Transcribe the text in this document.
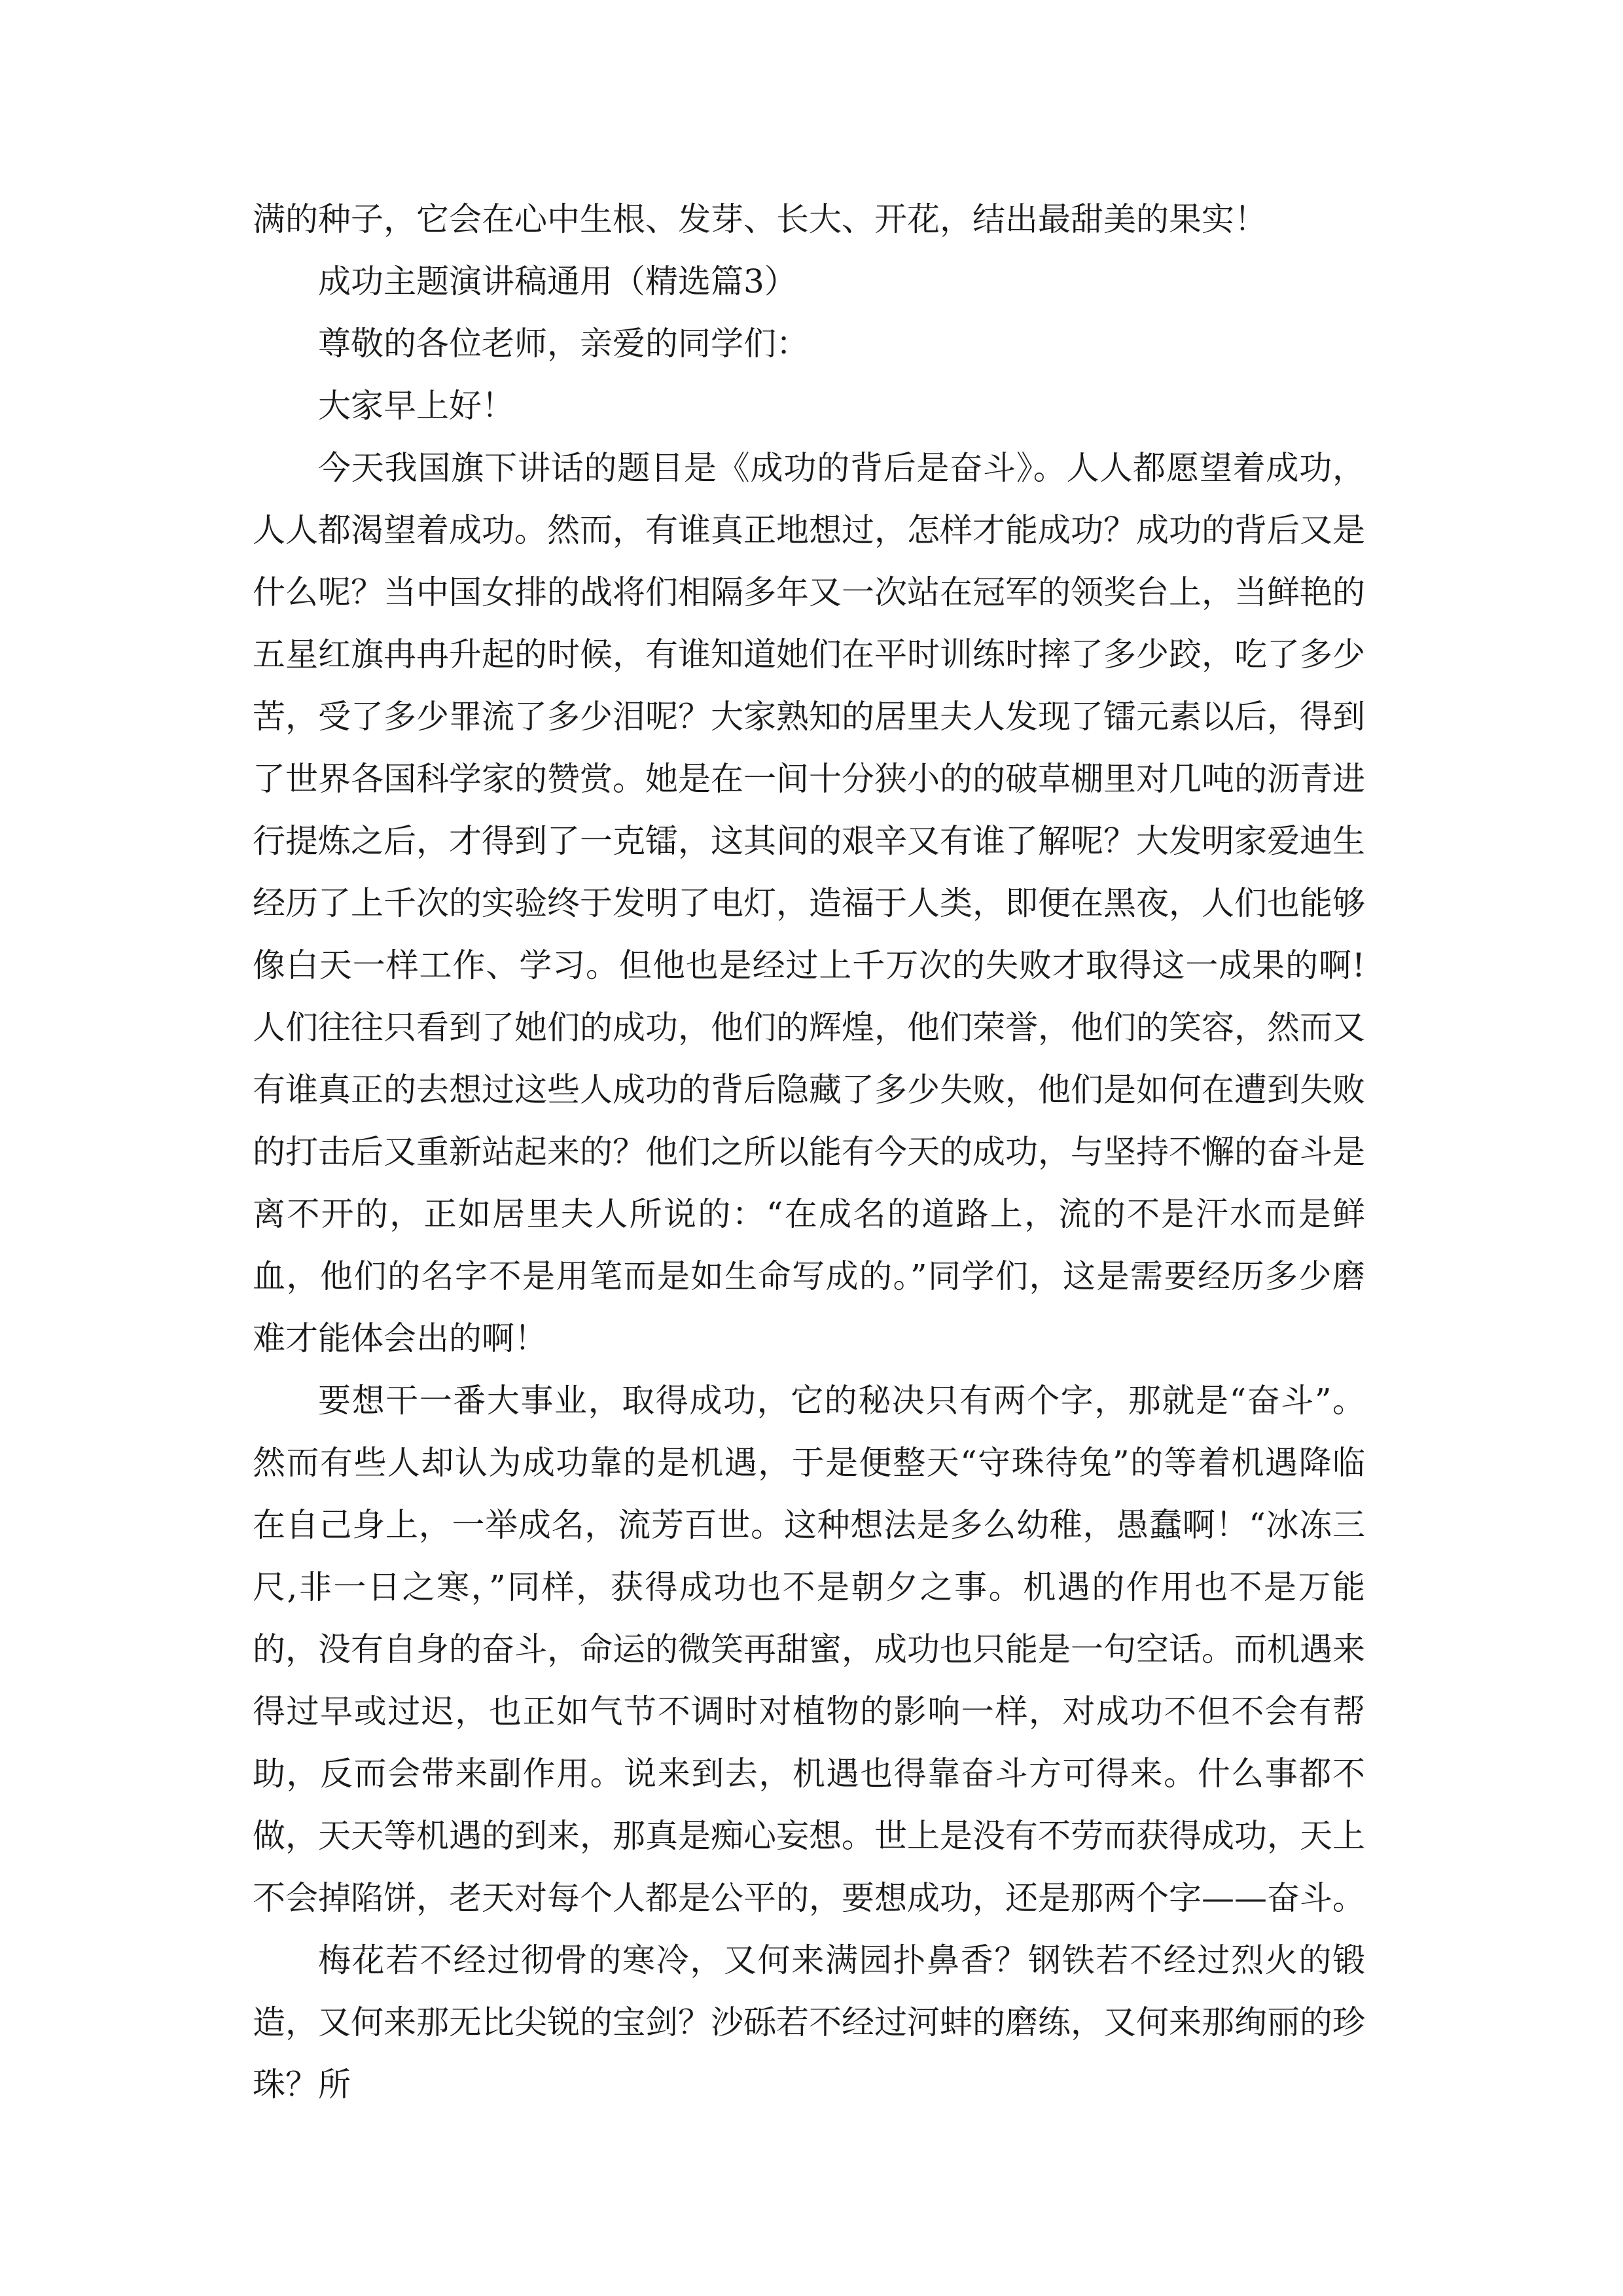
满的种子，它会在心中生根、发芽、长大、开花，结出最甜美的果实！

成功主题演讲稿通用（精选篇3）

尊敬的各位老师，亲爱的同学们：

大家早上好！

今天我国旗下讲话的题目是《成功的背后是奋斗》。人人都愿望着成功，人人都渴望着成功。然而，有谁真正地想过，怎样才能成功？成功的背后又是什么呢？当中国女排的战将们相隔多年又一次站在冠军的领奖台上，当鲜艳的五星红旗冉冉升起的时候，有谁知道她们在平时训练时摔了多少跤，吃了多少苦，受了多少罪流了多少泪呢？大家熟知的居里夫人发现了镭元素以后，得到了世界各国科学家的赞赏。她是在一间十分狭小的的破草棚里对几吨的沥青进行提炼之后，才得到了一克镭，这其间的艰辛又有谁了解呢？大发明家爱迪生经历了上千次的实验终于发明了电灯，造福于人类，即便在黑夜，人们也能够像白天一样工作、学习。但他也是经过上千万次的失败才取得这一成果的啊!人们往往只看到了她们的成功，他们的辉煌，他们荣誉，他们的笑容，然而又有谁真正的去想过这些人成功的背后隐藏了多少失败，他们是如何在遭到失败的打击后又重新站起来的？他们之所以能有今天的成功，与坚持不懈的奋斗是离不开的，正如居里夫人所说的：“在成名的道路上，流的不是汗水而是鲜血，他们的名字不是用笔而是如生命写成的。”同学们，这是需要经历多少磨难才能体会出的啊！

要想干一番大事业，取得成功，它的秘决只有两个字，那就是“奋斗”。然而有些人却认为成功靠的是机遇，于是便整天“守珠待兔”的等着机遇降临在自己身上，一举成名，流芳百世。这种想法是多么幼稚，愚蠢啊！“冰冻三尺,非一日之寒，”同样，获得成功也不是朝夕之事。机遇的作用也不是万能的，没有自身的奋斗，命运的微笑再甜蜜，成功也只能是一句空话。而机遇来得过早或过迟，也正如气节不调时对植物的影响一样，对成功不但不会有帮助，反而会带来副作用。说来到去，机遇也得靠奋斗方可得来。什么事都不做，天天等机遇的到来，那真是痴心妄想。世上是没有不劳而获得成功，天上不会掉陷饼，老天对每个人都是公平的，要想成功，还是那两个字——奋斗。

梅花若不经过彻骨的寒冷，又何来满园扑鼻香？钢铁若不经过烈火的锻造，又何来那无比尖锐的宝剑？沙砾若不经过河蚌的磨练，又何来那绚丽的珍珠？所
